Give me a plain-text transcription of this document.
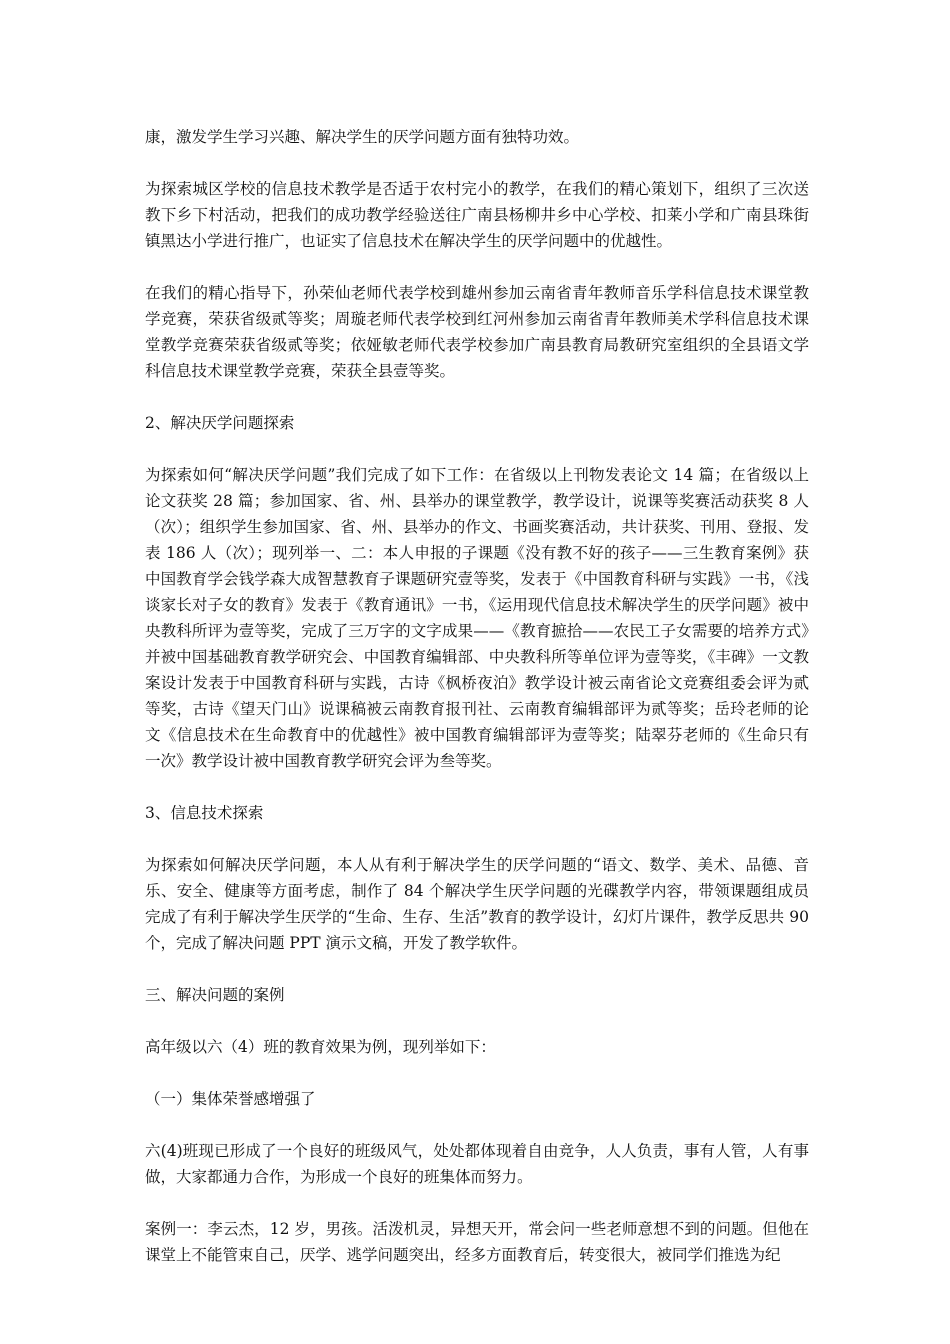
康，激发学生学习兴趣、解决学生的厌学问题方面有独特功效。

为探索城区学校的信息技术教学是否适于农村完小的教学，在我们的精心策划下，组织了三次送教下乡下村活动，把我们的成功教学经验送往广南县杨柳井乡中心学校、扣莱小学和广南县珠街镇黑达小学进行推广，也证实了信息技术在解决学生的厌学问题中的优越性。

在我们的精心指导下，孙荣仙老师代表学校到雄州参加云南省青年教师音乐学科信息技术课堂教学竞赛，荣获省级贰等奖；周璇老师代表学校到红河州参加云南省青年教师美术学科信息技术课堂教学竞赛荣获省级贰等奖；依娅敏老师代表学校参加广南县教育局教研究室组织的全县语文学科信息技术课堂教学竞赛，荣获全县壹等奖。

2、解决厌学问题探索

为探索如何“解决厌学问题”我们完成了如下工作：在省级以上刊物发表论文 14 篇；在省级以上论文获奖 28 篇；参加国家、省、州、县举办的课堂教学，教学设计，说课等奖赛活动获奖 8 人（次）；组织学生参加国家、省、州、县举办的作文、书画奖赛活动，共计获奖、刊用、登报、发表 186 人（次）；现列举一、二：本人申报的子课题《没有教不好的孩子——三生教育案例》获中国教育学会钱学森大成智慧教育子课题研究壹等奖，发表于《中国教育科研与实践》一书，《浅谈家长对子女的教育》发表于《教育通讯》一书，《运用现代信息技术解决学生的厌学问题》被中央教科所评为壹等奖，完成了三万字的文字成果——《教育摭拾——农民工子女需要的培养方式》并被中国基础教育教学研究会、中国教育编辑部、中央教科所等单位评为壹等奖，《丰碑》一文教案设计发表于中国教育科研与实践，古诗《枫桥夜泊》教学设计被云南省论文竞赛组委会评为贰等奖，古诗《望天门山》说课稿被云南教育报刊社、云南教育编辑部评为贰等奖；岳玲老师的论文《信息技术在生命教育中的优越性》被中国教育编辑部评为壹等奖；陆翠芬老师的《生命只有一次》教学设计被中国教育教学研究会评为叁等奖。

3、信息技术探索

为探索如何解决厌学问题，本人从有利于解决学生的厌学问题的“语文、数学、美术、品德、音乐、安全、健康等方面考虑，制作了 84 个解决学生厌学问题的光碟教学内容，带领课题组成员完成了有利于解决学生厌学的“生命、生存、生活”教育的教学设计，幻灯片课件，教学反思共 90 个，完成了解决问题 PPT 演示文稿，开发了教学软件。

三、解决问题的案例

高年级以六（4）班的教育效果为例，现列举如下：

（一）集体荣誉感增强了

六(4)班现已形成了一个良好的班级风气，处处都体现着自由竞争，人人负责，事有人管，人有事做，大家都通力合作，为形成一个良好的班集体而努力。

案例一：李云杰，12 岁，男孩。活泼机灵，异想天开，常会问一些老师意想不到的问题。但他在课堂上不能管束自己，厌学、逃学问题突出，经多方面教育后，转变很大，被同学们推选为纪
